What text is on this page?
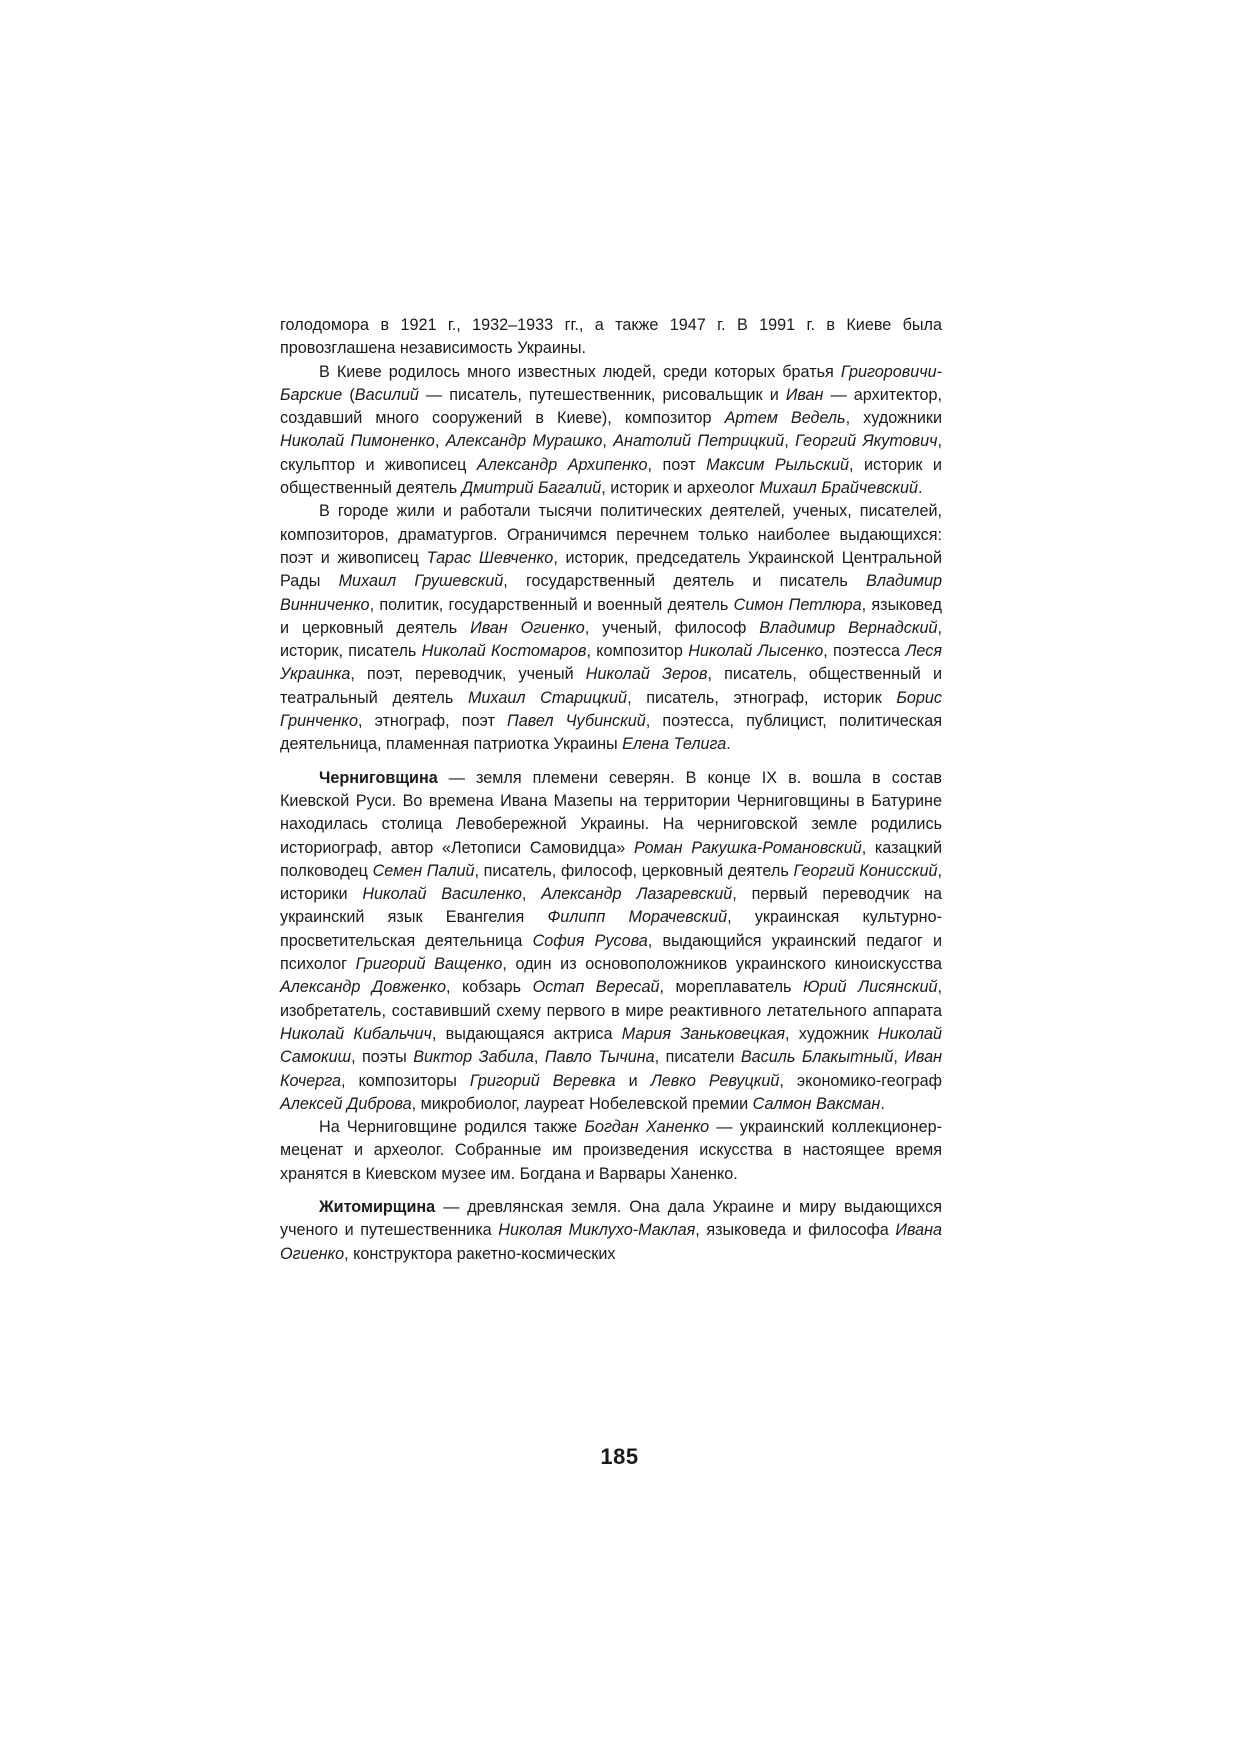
голодомора в 1921 г., 1932–1933 гг., а также 1947 г. В 1991 г. в Киеве была провозглашена независимость Украины.

В Киеве родилось много известных людей, среди которых братья Григоровичи-Барские (Василий — писатель, путешественник, рисовальщик и Иван — архитектор, создавший много сооружений в Киеве), композитор Артем Ведель, художники Николай Пимоненко, Александр Мурашко, Анатолий Петрицкий, Георгий Якутович, скульптор и живописец Александр Архипенко, поэт Максим Рыльский, историк и общественный деятель Дмитрий Багалий, историк и археолог Михаил Брайчевский.

В городе жили и работали тысячи политических деятелей, ученых, писателей, композиторов, драматургов. Ограничимся перечнем только наиболее выдающихся: поэт и живописец Тарас Шевченко, историк, председатель Украинской Центральной Рады Михаил Грушевский, государственный деятель и писатель Владимир Винниченко, политик, государственный и военный деятель Симон Петлюра, языковед и церковный деятель Иван Огиенко, ученый, философ Владимир Вернадский, историк, писатель Николай Костомаров, композитор Николай Лысенко, поэтесса Леся Украинка, поэт, переводчик, ученый Николай Зеров, писатель, общественный и театральный деятель Михаил Старицкий, писатель, этнограф, историк Борис Гринченко, этнограф, поэт Павел Чубинский, поэтесса, публицист, политическая деятельница, пламенная патриотка Украины Елена Телига.

Черниговщина — земля племени северян. В конце IX в. вошла в состав Киевской Руси. Во времена Ивана Мазепы на территории Черниговщины в Батурине находилась столица Левобережной Украины. На черниговской земле родились историограф, автор «Летописи Самовидца» Роман Ракушка-Романовский, казацкий полководец Семен Палий, писатель, философ, церковный деятель Георгий Конисский, историки Николай Василенко, Александр Лазаревский, первый переводчик на украинский язык Евангелия Филипп Морачевский, украинская культурно-просветительская деятельница София Русова, выдающийся украинский педагог и психолог Григорий Ващенко, один из основоположников украинского киноискусства Александр Довженко, кобзарь Остап Вересай, мореплаватель Юрий Лисянский, изобретатель, составивший схему первого в мире реактивного летательного аппарата Николай Кибальчич, выдающаяся актриса Мария Заньковецкая, художник Николай Самокиш, поэты Виктор Забила, Павло Тычина, писатели Василь Блакытный, Иван Кочерга, композиторы Григорий Веревка и Левко Ревуцкий, экономико-географ Алексей Диброва, микробиолог, лауреат Нобелевской премии Салмон Ваксман.

На Черниговщине родился также Богдан Ханенко — украинский коллекционер-меценат и археолог. Собранные им произведения искусства в настоящее время хранятся в Киевском музее им. Богдана и Варвары Ханенко.

Житомирщина — древлянская земля. Она дала Украине и миру выдающихся ученого и путешественника Николая Миклухо-Маклая, языковеда и философа Ивана Огиенко, конструктора ракетно-космических

185
